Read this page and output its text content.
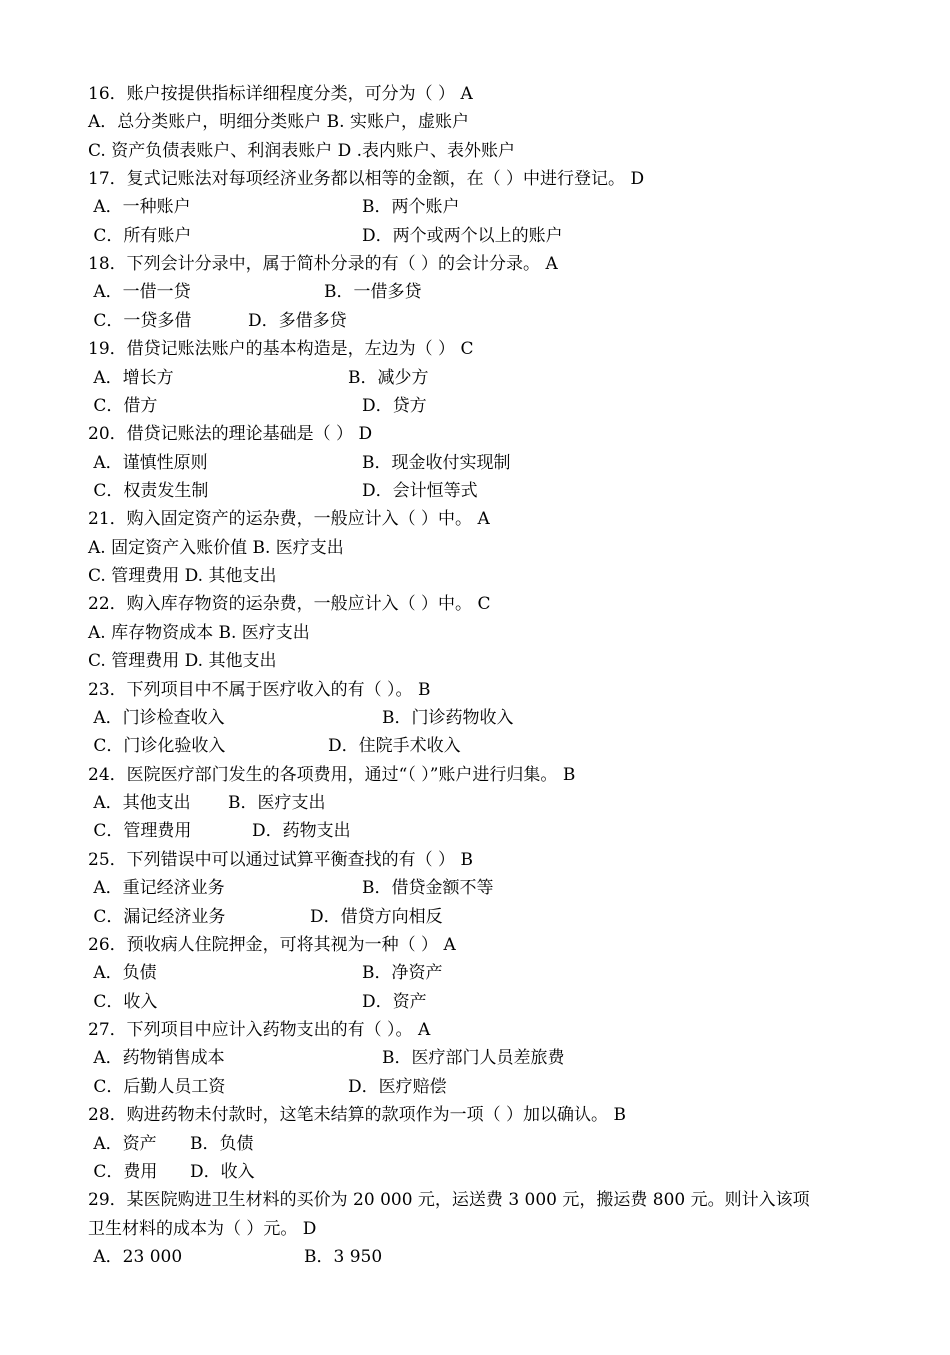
16．账户按提供指标详细程度分类，可分为（ ） A

A．总分类账户，明细分类账户 B. 实账户，虚账户

C. 资产负债表账户、利润表账户 D .表内账户、表外账户

17．复式记账法对每项经济业务都以相等的金额，在（ ）中进行登记。 D

A．一种账户

	B．两个账户

C．所有账户

	D．两个或两个以上的账户

18．下列会计分录中，属于简朴分录的有（ ）的会计分录。 A

A．一借一贷

	B．一借多贷

C．一贷多借

	D．多借多贷

19．借贷记账法账户的基本构造是，左边为（ ） C

A．增长方

	B．减少方

C．借方

	D．贷方

20．借贷记账法的理论基础是（ ） D

A．谨慎性原则

	B．现金收付实现制

C．权责发生制

	D．会计恒等式

21．购入固定资产的运杂费，一般应计入（ ）中。 A

A. 固定资产入账价值 B. 医疗支出

C. 管理费用 D. 其他支出

22．购入库存物资的运杂费，一般应计入（ ）中。 C

A. 库存物资成本 B. 医疗支出

C. 管理费用 D. 其他支出

23．下列项目中不属于医疗收入的有（ ）。 B

A．门诊检查收入

	B．门诊药物收入

C．门诊化验收入

	D．住院手术收入

24．医院医疗部门发生的各项费用，通过“（ ）”账户进行归集。 B

A．其他支出

B．医疗支出

C．管理费用

	D．药物支出

25．下列错误中可以通过试算平衡查找的有（ ） B

A．重记经济业务

	B．借贷金额不等

C．漏记经济业务

	D．借贷方向相反

26．预收病人住院押金，可将其视为一种（ ） A

A．负债

	B．净资产

C．收入

	D．资产

27．下列项目中应计入药物支出的有（ ）。 A

A．药物销售成本

	B．医疗部门人员差旅费

C．后勤人员工资

	D．医疗赔偿

28．购进药物未付款时，这笔未结算的款项作为一项（ ）加以确认。 B

A．资产

B．负债

C．费用

D．收入

29．某医院购进卫生材料的买价为 20 000 元，运送费 3 000 元，搬运费 800 元。则计入该项

卫生材料的成本为（ ）元。 D

A．23 000

	B．3 950
